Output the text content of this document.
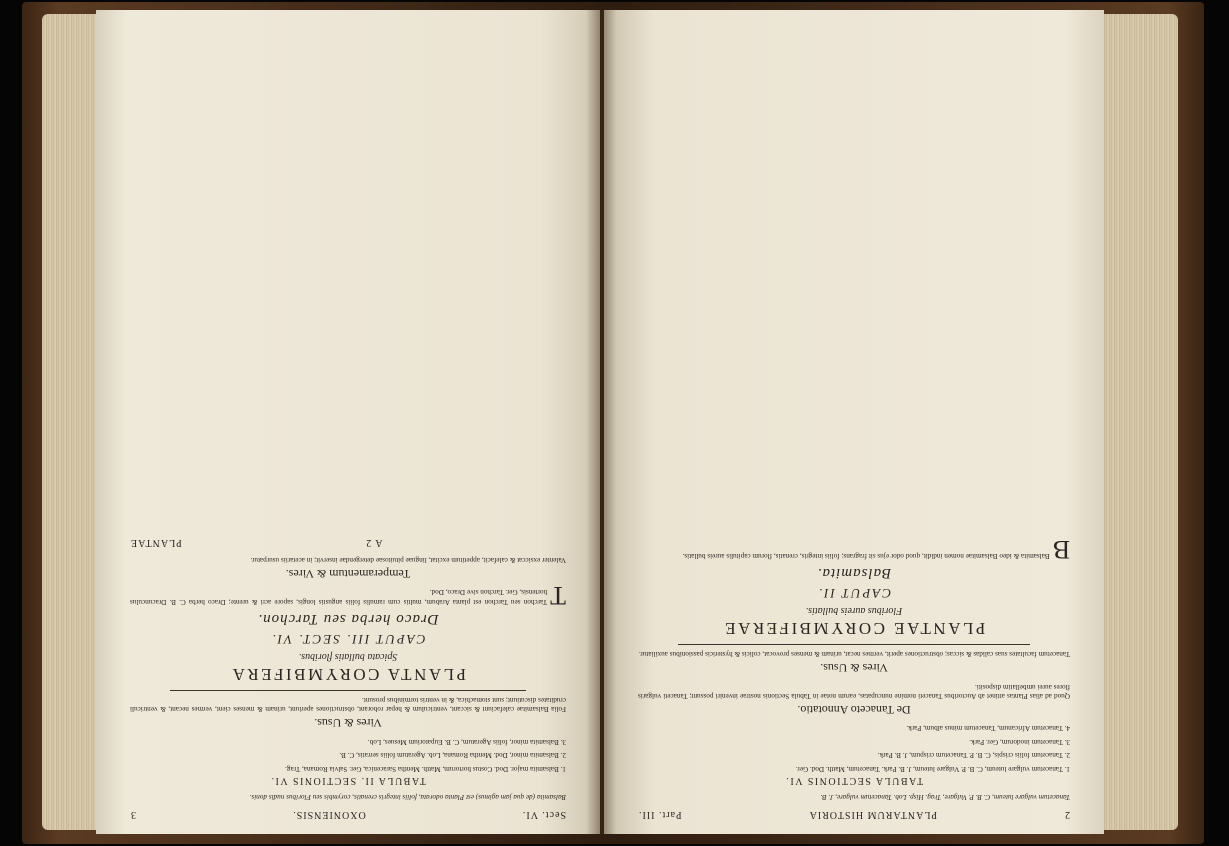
Sect. VI.
OXONIENSIS.
3

Balsamita (de qua jam agimus) est Planta odorata, foliis integris crenatis, corymbis seu Floribus nudis donis.

TABULA II. SECTIONIS VI.

1. Balsamita major. Dod. Costus hortorum, Matth. Mentha Saracenica, Ger. Salvia Romana, Trag.

2. Balsamita minor, Dod. Mentha Romana, Lob. Ageratum foliis serratis, C. B.

3. Balsamita minor, foliis Ageratum, C. B. Eupatorium Mesues, Lob.

Vires & Usus.

Folia Balsamitae calefaciunt & siccant, ventriculum & hepar roborant, obstructiones aperiunt, urinam & menses cient, vermes necant, & ventriculi cruditates discutiunt; sunt stomachica, & in ventris torminibus prosunt.

PLANTA CORYMBIFERA
Spicata bullatis floribus.
CAPUT III. SECT. VI.
Draco herba seu Tarchon.

T
Tarchon seu Tarchon est planta Arabum, multis cum ramulis foliis angustis longis, sapore acri & urente; Draco herba C. B. Dracunculus hortensis, Ger. Tarchon sive Draco, Dod.

Temperamentum & Vires.

Valenter exsiccat & calefacit, appetitum excitat, linguae pituitosae detergendae inservit; in acetariis usurpatur.

A 2
PLANTAE
2
PLANTARUM HISTORIA
Part. III.

Tanacetum vulgare luteum, C. B. P. Vulgare, Trag. Hisp. Lob. Tanacetum vulgare, J. B.

TABULA SECTIONIS VI.

1. Tanacetum vulgare luteum, C. B. P. Vulgare luteum, J. B. Park. Tanacetum, Matth. Dod. Ger.

2. Tanacetum foliis crispis, C. B. P. Tanacetum crispum, J. B. Park.

3. Tanacetum inodorum, Ger. Park.

4. Tanacetum Africanum, Tanacetum minus album, Park.

De Tanaceto Annotatio.

Quod ad alias Plantas attinet ab Auctoribus Tanaceti nomine nuncupatas, earum notae in Tabula Sectionis nostrae inveniri possunt; Tanaceti vulgaris flores aurei umbellatim dispositi.

Vires & Usus.

Tanacetum facultates suas calidas & siccas; obstructiones aperit, vermes necat, urinam & menses provocat, colicis & hystericis passionibus auxiliatur.

PLANTAE CORYMBIFERAE
Floribus aureis bullatis.
CAPUT II.
Balsamita.

B
Balsamita & ideo Balsamitae nomen indidit, quod odor ejus sit fragrans; foliis integris, crenatis, florum capitulis aureis bullatis.
